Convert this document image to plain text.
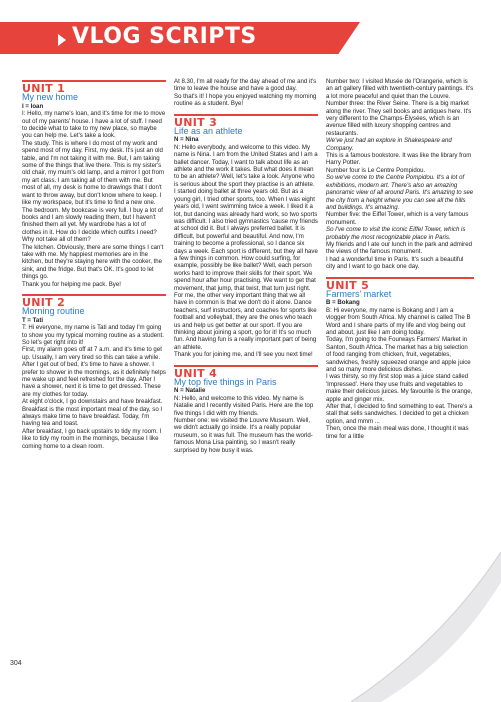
VLOG SCRIPTS
UNIT 1
My new home

I = Ioan

I: Hello, my name's Ioan, and it's time for me to move out of my parents' house. I have a lot of stuff. I need to decide what to take to my new place, so maybe you can help me. Let's take a look.

The study. This is where I do most of my work and spend most of my day. First, my desk. It's just an old table, and I'm not taking it with me. But, I am taking some of the things that live there. This is my sister's old chair, my mum's old lamp, and a mirror I got from my art class. I am taking all of them with me. But most of all, my desk is home to drawings that I don't want to throw away, but don't know where to keep. I like my workspace, but it's time to find a new one.

The bedroom. My bookcase is very full. I buy a lot of books and I am slowly reading them, but I haven't finished them all yet. My wardrobe has a lot of clothes in it. How do I decide which outfits I need? Why not take all of them?

The kitchen. Obviously, there are some things I can't take with me. My happiest memories are in the kitchen, but they're staying here with the cooker, the sink, and the fridge. But that's OK. It's good to let things go.

Thank you for helping me pack. Bye!

UNIT 2
Morning routine

T = Tati

T: Hi everyone, my name is Tati and today I'm going to show you my typical morning routine as a student. So let's get right into it!

First, my alarm goes off at 7 a.m. and it's time to get up. Usually, I am very tired so this can take a while. After I get out of bed, it's time to have a shower. I prefer to shower in the mornings, as it definitely helps me wake up and feel refreshed for the day. After I have a shower, next it is time to get dressed. These are my clothes for today.

At eight o'clock, I go downstairs and have breakfast. Breakfast is the most important meal of the day, so I always make time to have breakfast. Today, I'm having tea and toast.

After breakfast, I go back upstairs to tidy my room. I like to tidy my room in the mornings, because I like coming home to a clean room.

At 8.30, I'm all ready for the day ahead of me and it's time to leave the house and have a good day.

So that's it! I hope you enjoyed watching my morning routine as a student. Bye!

UNIT 3
Life as an athlete

N = Nina

N: Hello everybody, and welcome to this video. My name is Nina. I am from the United States and I am a ballet dancer. Today, I want to talk about life as an athlete and the work it takes. But what does it mean to be an athlete? Well, let's take a look. Anyone who is serious about the sport they practise is an athlete.

I started doing ballet at three years old. But as a young girl, I tried other sports, too. When I was eight years old, I went swimming twice a week. I liked it a lot, but dancing was already hard work, so two sports was difficult. I also tried gymnastics 'cause my friends at school did it. But I always preferred ballet. It is difficult, but powerful and beautiful. And now, I'm training to become a professional, so I dance six days a week. Each sport is different, but they all have a few things in common. How could surfing, for example, possibly be like ballet? Well, each person works hard to improve their skills for their sport. We spend hour after hour practising. We want to get that movement, that jump, that twist, that turn just right.

For me, the other very important thing that we all have in common is that we don't do it alone. Dance teachers, surf instructors, and coaches for sports like football and volleyball, they are the ones who teach us and help us get better at our sport. If you are thinking about joining a sport, go for it! It's so much fun. And having fun is a really important part of being an athlete.

Thank you for joining me, and I'll see you next time!

UNIT 4
My top five things in Paris

N = Natalie

N: Hello, and welcome to this video. My name is Natalie and I recently visited Paris. Here are the top five things I did with my friends.

Number one: we visited the Louvre Museum. Well, we didn't actually go inside. It's a really popular museum, so it was full. The museum has the world-famous Mona Lisa painting, so I wasn't really surprised by how busy it was.

Number two: I visited Musée de l'Orangerie, which is an art gallery filled with twentieth-century paintings. It's a lot more peaceful and quiet than the Louvre.

Number three: the River Seine. There is a big market along the river. They sell books and antiques here. It's very different to the Champs-Élysées, which is an avenue filled with luxury shopping centres and restaurants.

We've just had an explore in Shakespeare and Company.

This is a famous bookstore. It was like the library from Harry Potter.

Number four is Le Centre Pompidou.

So we've come to the Centre Pompidou. It's a lot of exhibitions, modern art. There's also an amazing panoramic view of all around Paris. It's amazing to see the city from a height where you can see all the hills and buildings. It's amazing.

Number five: the Eiffel Tower, which is a very famous monument.

So I've come to visit the iconic Eiffel Tower, which is probably the most recognizable place in Paris.

My friends and I ate our lunch in the park and admired the views of the famous monument.

I had a wonderful time in Paris. It's such a beautiful city and I want to go back one day.

UNIT 5
Farmers' market

B = Bokang

B: Hi everyone, my name is Bokang and I am a vlogger from South Africa. My channel is called The B Word and I share parts of my life and vlog being out and about, just like I am doing today.

Today, I'm going to the Fourways Farmers' Market in Santon, South Africa. The market has a big selection of food ranging from chicken, fruit, vegetables, sandwiches, freshly squeezed orange and apple juice and so many more delicious dishes.

I was thirsty, so my first stop was a juice stand called 'Impressed'. Here they use fruits and vegetables to make their delicious juices. My favourite is the orange, apple and ginger mix.

After that, I decided to find something to eat. There's a stall that sells sandwiches. I decided to get a chicken option, and mmm ...

Then, once the main meal was done, I thought it was time for a little

304
